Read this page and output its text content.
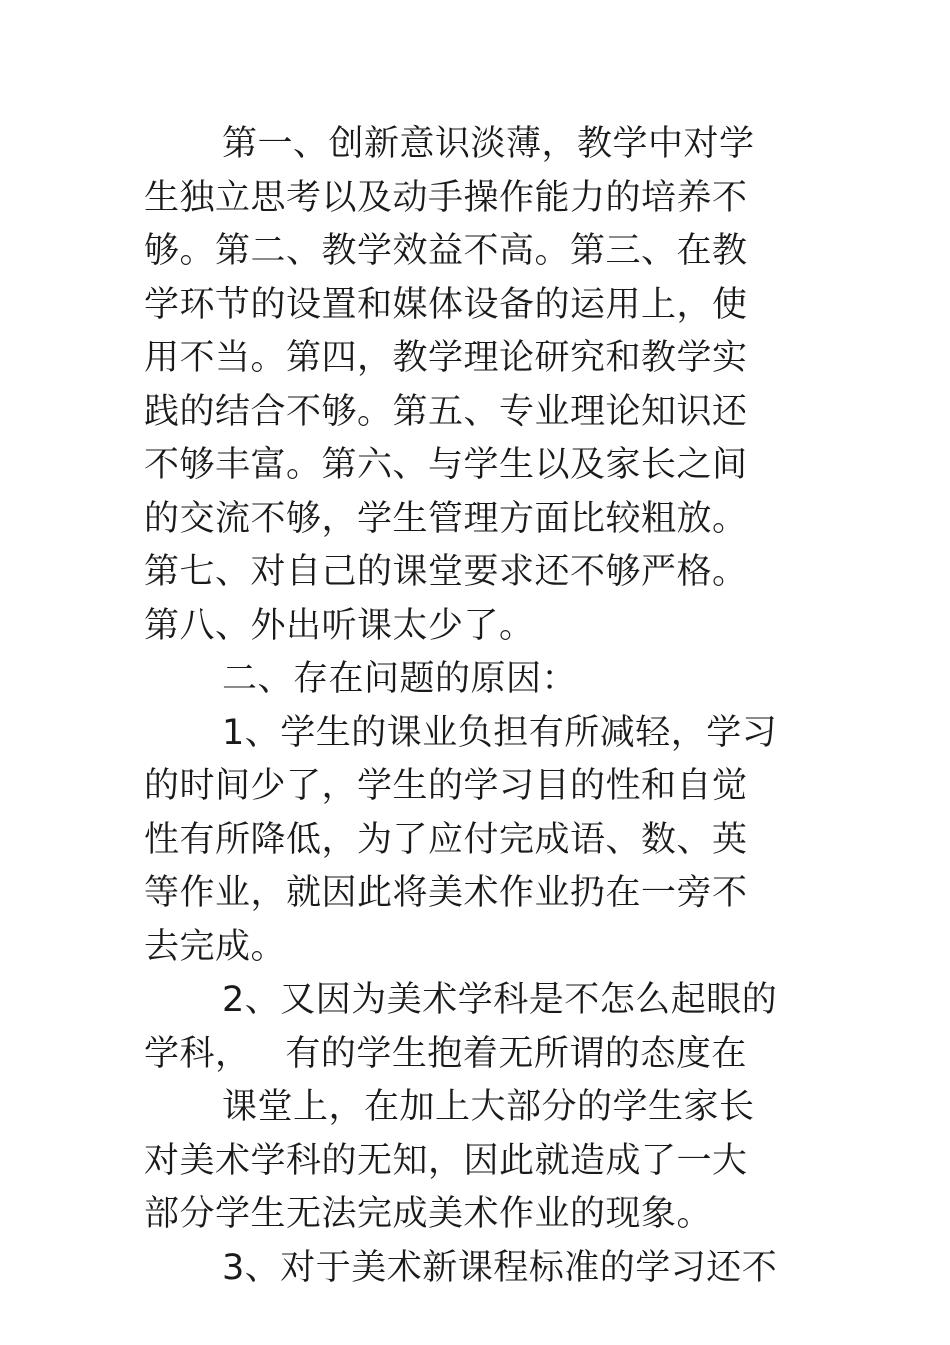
第一、创新意识淡薄，教学中对学
生独立思考以及动手操作能力的培养不
够。第二、教学效益不高。第三、在教
学环节的设置和媒体设备的运用上，使
用不当。第四，教学理论研究和教学实
践的结合不够。第五、专业理论知识还
不够丰富。第六、与学生以及家长之间
的交流不够，学生管理方面比较粗放。
第七、对自己的课堂要求还不够严格。
第八、外出听课太少了。
二、存在问题的原因：
1、学生的课业负担有所减轻，学习
的时间少了，学生的学习目的性和自觉
性有所降低，为了应付完成语、数、英
等作业，就因此将美术作业扔在一旁不
去完成。
2、又因为美术学科是不怎么起眼的
学科，   有的学生抱着无所谓的态度在
课堂上，在加上大部分的学生家长
对美术学科的无知，因此就造成了一大
部分学生无法完成美术作业的现象。
3、对于美术新课程标准的学习还不
